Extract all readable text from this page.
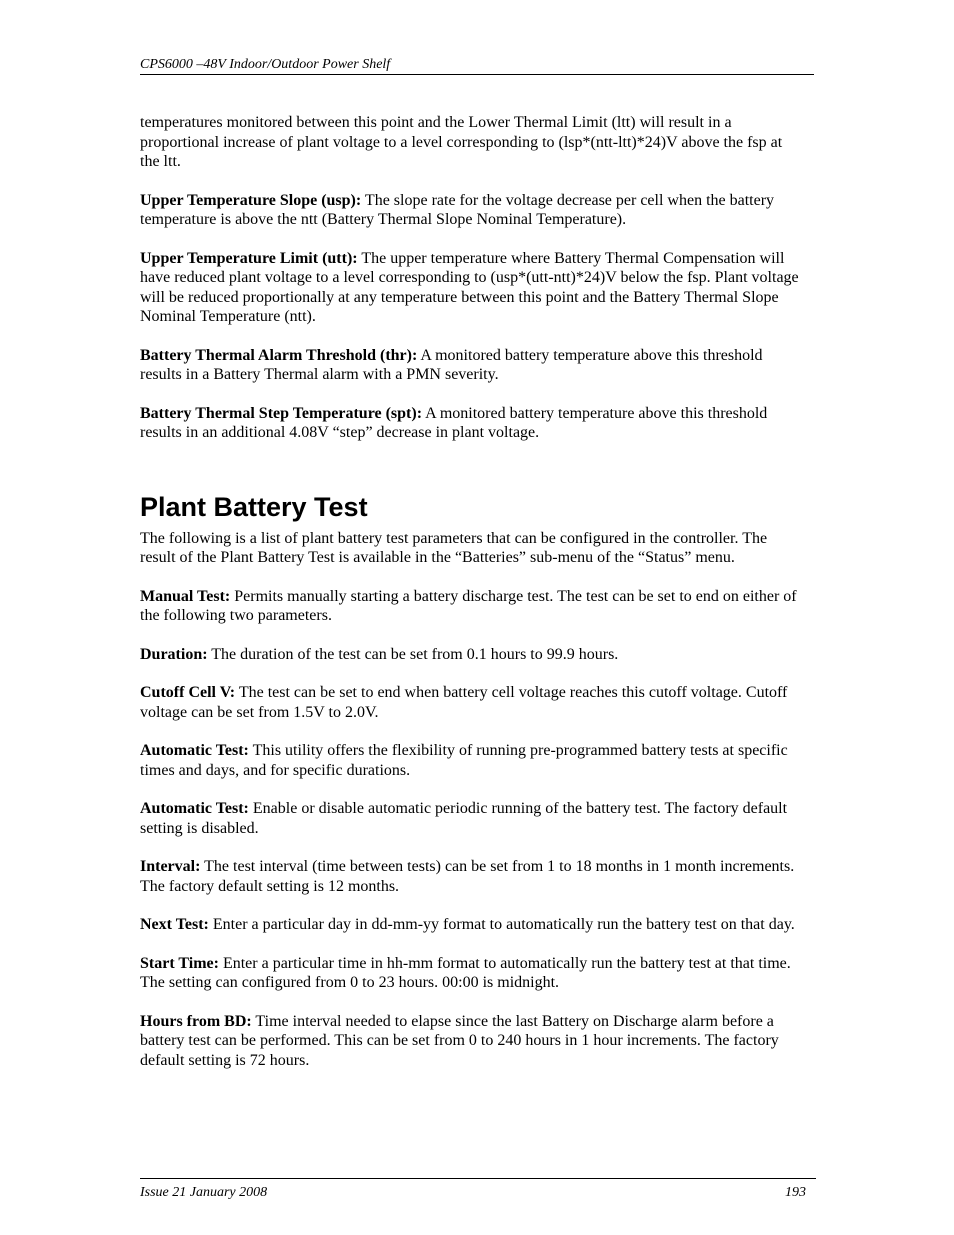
CPS6000 –48V Indoor/Outdoor Power Shelf

temperatures monitored between this point and the Lower Thermal Limit (ltt) will result in a proportional increase of plant voltage to a level corresponding to (lsp*(ntt-ltt)*24)V above the fsp at the ltt.

Upper Temperature Slope (usp): The slope rate for the voltage decrease per cell when the battery temperature is above the ntt (Battery Thermal Slope Nominal Temperature).

Upper Temperature Limit (utt): The upper temperature where Battery Thermal Compensation will have reduced plant voltage to a level corresponding to (usp*(utt-ntt)*24)V below the fsp. Plant voltage will be reduced proportionally at any temperature between this point and the Battery Thermal Slope Nominal Temperature (ntt).

Battery Thermal Alarm Threshold (thr): A monitored battery temperature above this threshold results in a Battery Thermal alarm with a PMN severity.

Battery Thermal Step Temperature (spt): A monitored battery temperature above this threshold results in an additional 4.08V “step” decrease in plant voltage.

Plant Battery Test

The following is a list of plant battery test parameters that can be configured in the controller. The result of the Plant Battery Test is available in the “Batteries” sub-menu of the “Status” menu.

Manual Test: Permits manually starting a battery discharge test. The test can be set to end on either of the following two parameters.

Duration: The duration of the test can be set from 0.1 hours to 99.9 hours.

Cutoff Cell V: The test can be set to end when battery cell voltage reaches this cutoff voltage. Cutoff voltage can be set from 1.5V to 2.0V.

Automatic Test: This utility offers the flexibility of running pre-programmed battery tests at specific times and days, and for specific durations.

Automatic Test: Enable or disable automatic periodic running of the battery test. The factory default setting is disabled.

Interval: The test interval (time between tests) can be set from 1 to 18 months in 1 month increments. The factory default setting is 12 months.

Next Test: Enter a particular day in dd-mm-yy format to automatically run the battery test on that day.

Start Time: Enter a particular time in hh-mm format to automatically run the battery test at that time. The setting can configured from 0 to 23 hours. 00:00 is midnight.

Hours from BD: Time interval needed to elapse since the last Battery on Discharge alarm before a battery test can be performed. This can be set from 0 to 240 hours in 1 hour increments. The factory default setting is 72 hours.

Issue 21 January 2008	193
